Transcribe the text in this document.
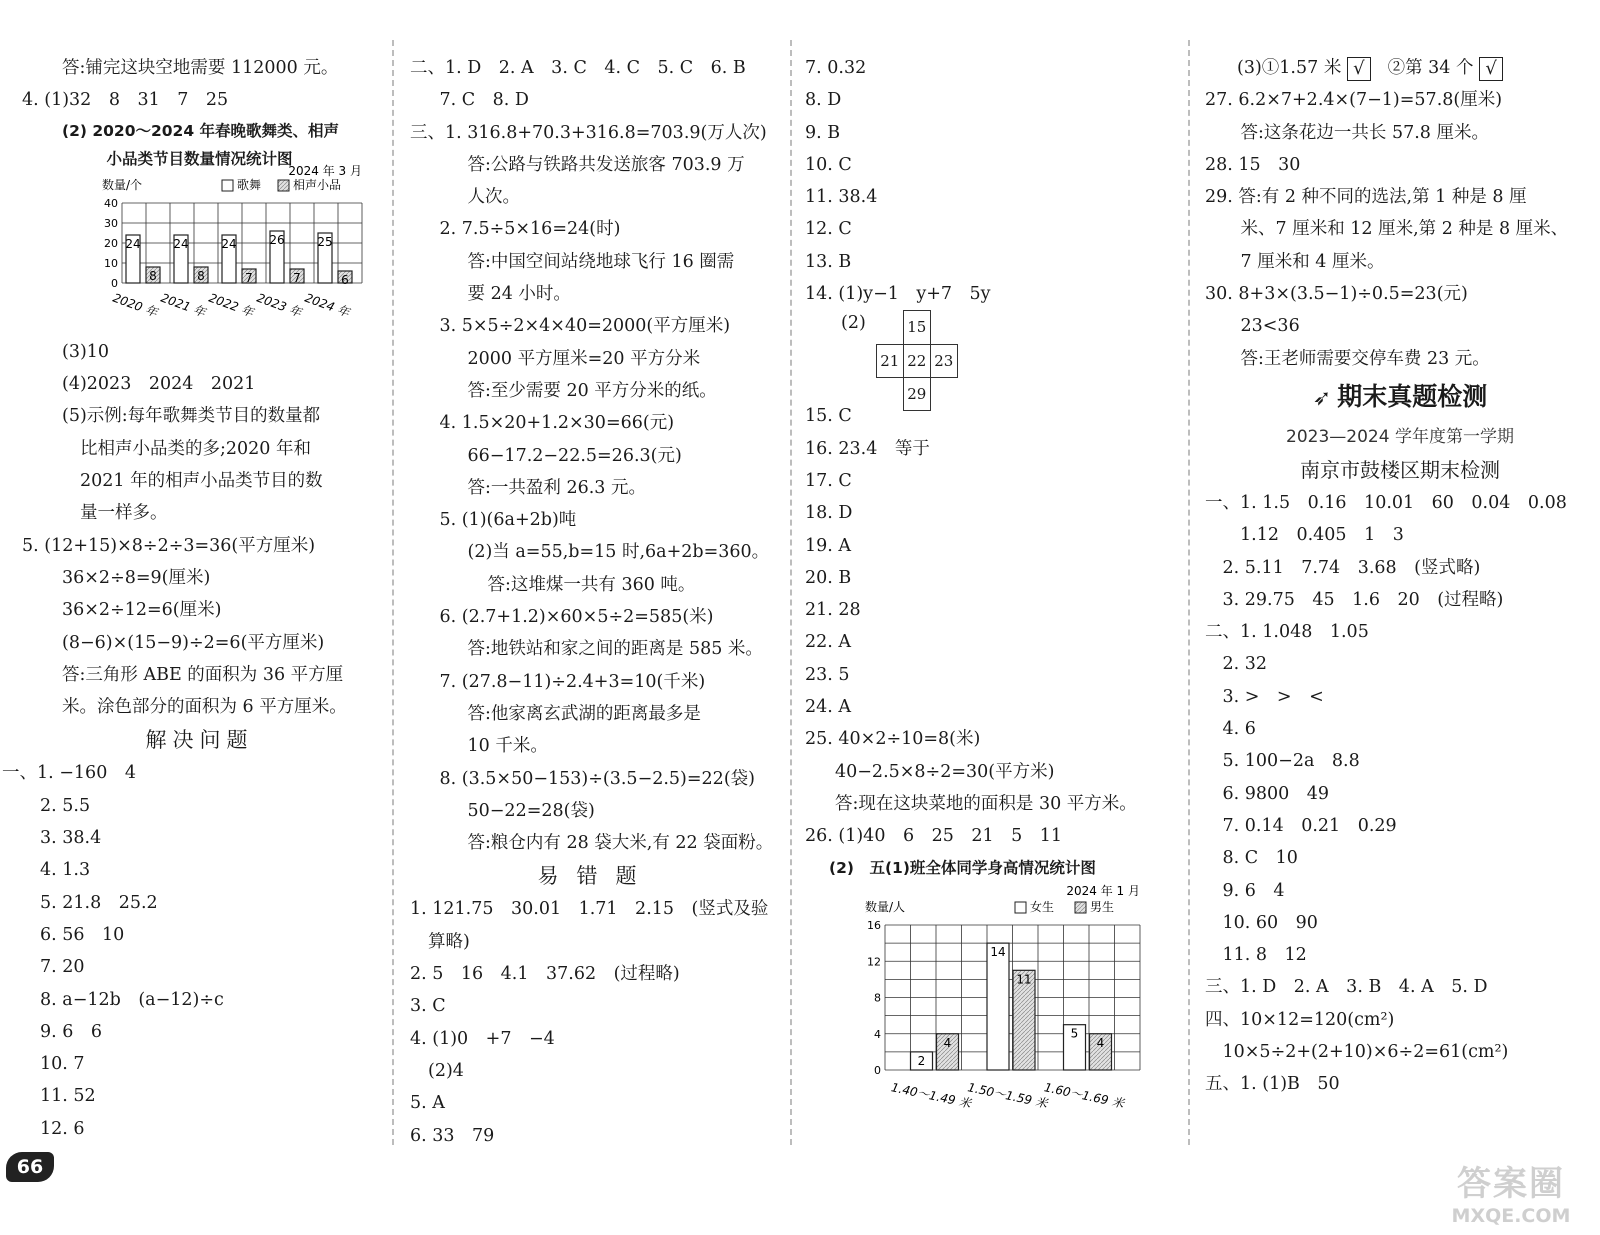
答:铺完这块空地需要 112000 元。
4. (1)32　8　31　7　25
(2) 2020～2024 年春晚歌舞类、相声
小品类节目数量情况统计图
数量/个
2024 年 3 月
歌舞	相声小品
0
10
20
30
40
24
8
2020 年
24
8
2021 年
24
7
2022 年
26
7
2023 年
25
6
2024 年
(3)10
(4)2023　2024　2021
(5)示例:每年歌舞类节目的数量都
比相声小品类的多;2020 年和
2021 年的相声小品类节目的数
量一样多。
5. (12+15)×8÷2÷3=36(平方厘米)
36×2÷8=9(厘米)
36×2÷12=6(厘米)
(8−6)×(15−9)÷2=6(平方厘米)
答:三角形 ABE 的面积为 36 平方厘
米。涂色部分的面积为 6 平方厘米。
解决问题
一、1. −160　4
2. 5.5
3. 38.4
4. 1.3
5. 21.8　25.2
6. 56　10
7. 20
8. a−12b　(a−12)÷c
9. 6　6
10. 7
11. 52
12. 6
二、1. D　2. A　3. C　4. C　5. C　6. B
　7. C　8. D
三、1. 316.8+70.3+316.8=703.9(万人次)
　答:公路与铁路共发送旅客 703.9 万
　人次。
　2. 7.5÷5×16=24(时)
　答:中国空间站绕地球飞行 16 圈需
　要 24 小时。
　3. 5×5÷2×4×40=2000(平方厘米)
　2000 平方厘米=20 平方分米
　答:至少需要 20 平方分米的纸。
　4. 1.5×20+1.2×30=66(元)
　66−17.2−22.5=26.3(元)
　答:一共盈利 26.3 元。
　5. (1)(6a+2b)吨
　(2)当 a=55,b=15 时,6a+2b=360。
　答:这堆煤一共有 360 吨。
　6. (2.7+1.2)×60×5÷2=585(米)
　答:地铁站和家之间的距离是 585 米。
　7. (27.8−11)÷2.4+3=10(千米)
　答:他家离玄武湖的距离最多是
　10 千米。
　8. (3.5×50−153)÷(3.5−2.5)=22(袋)
　50−22=28(袋)
　答:粮仓内有 28 袋大米,有 22 袋面粉。
易错题
1. 121.75　30.01　1.71　2.15　(竖式及验
算略)
2. 5　16　4.1　37.62　(过程略)
3. C
4. (1)0　+7　−4
(2)4
5. A
6. 33　79
7. 0.32
8. D
9. B
10. C
11. 38.4
12. C
13. B
14. (1)y−1　y+7　5y
(2)
		15	
21	22	23
	29	
15. C
16. 23.4　等于
17. C
18. D
19. A
20. B
21. 28
22. A
23. 5
24. A
25. 40×2÷10=8(米)
40−2.5×8÷2=30(平方米)
答:现在这块菜地的面积是 30 平方米。
26. (1)40　6　25　21　5　11
(2)　五(1)班全体同学身高情况统计图
数量/人
2024 年 1 月
女生	男生
0
4
8
12
16
2
4
1.40～1.49 米
14
11
1.50～1.59 米
5
4
1.60～1.69 米
(3)①1.57 米 √ ②第 34 个 √
27. 6.2×7+2.4×(7−1)=57.8(厘米)
　答:这条花边一共长 57.8 厘米。
28. 15　30
29. 答:有 2 种不同的选法,第 1 种是 8 厘
　米、7 厘米和 12 厘米,第 2 种是 8 厘米、
　7 厘米和 4 厘米。
30. 8+3×(3.5−1)÷0.5=23(元)
　23<36
　答:王老师需要交停车费 23 元。
➶ 期末真题检测
2023—2024 学年度第一学期
南京市鼓楼区期末检测
一、1. 1.5　0.16　10.01　60　0.04　0.08
　　1.12　0.405　1　3
　2. 5.11　7.74　3.68　(竖式略)
　3. 29.75　45　1.6　20　(过程略)
二、1. 1.048　1.05
　2. 32
　3. >　>　<
　4. 6
　5. 100−2a　8.8
　6. 9800　49
　7. 0.14　0.21　0.29
　8. C　10
　9. 6　4
　10. 60　90
　11. 8　12
三、1. D　2. A　3. B　4. A　5. D
四、10×12=120(cm²)
　10×5÷2+(2+10)×6÷2=61(cm²)
五、1. (1)B　50
66	答案圈
MXQE.COM
